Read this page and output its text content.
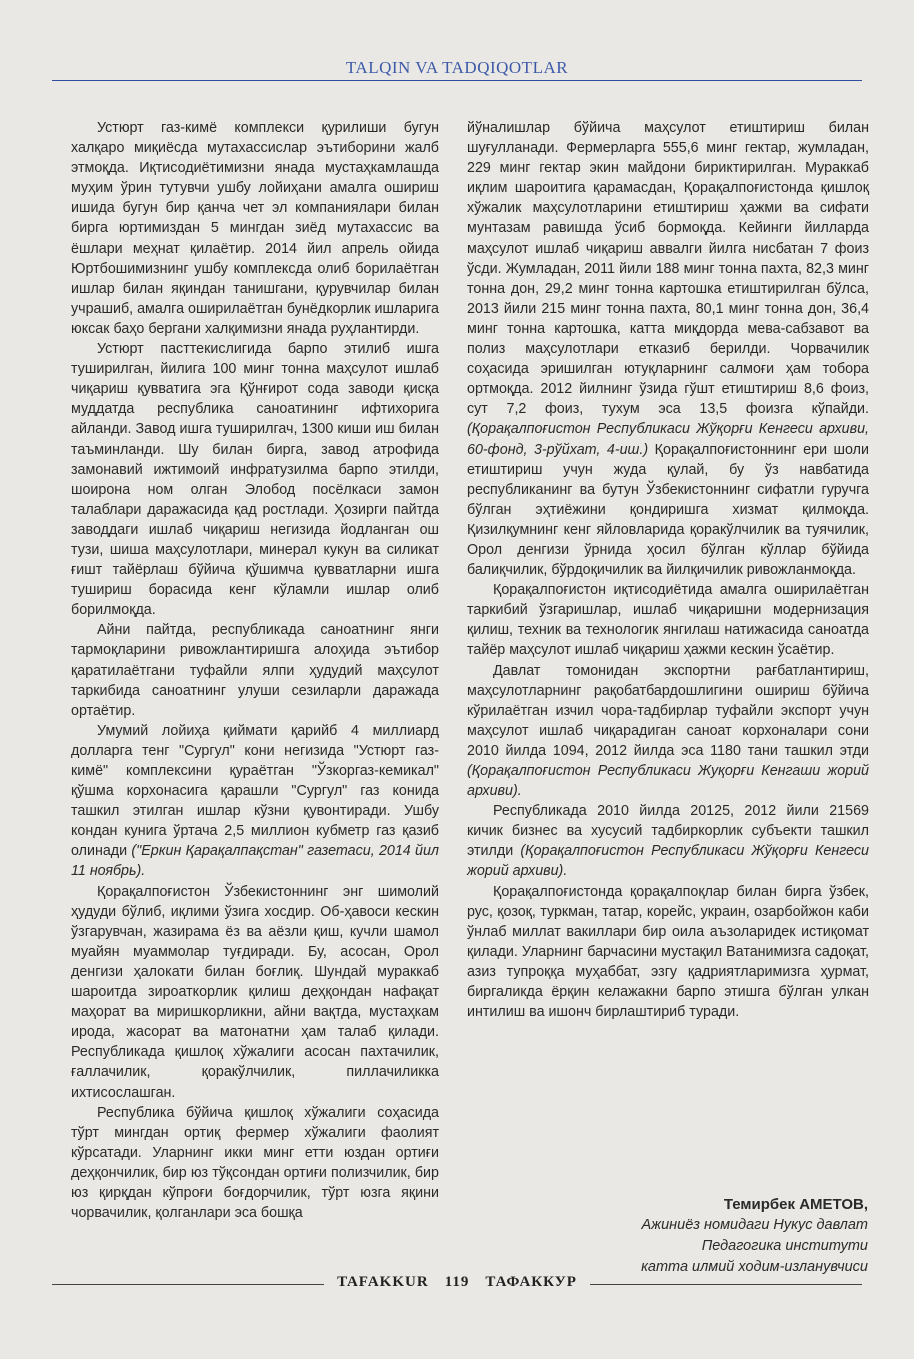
TALQIN VA TADQIQOTLAR

Устюрт газ-кимё комплекси қурилиши бугун халқаро миқиёсда мутахассислар эътиборини жалб этмоқда. Иқтисодиётимизни янада мустаҳкамлашда муҳим ўрин тутувчи ушбу лойиҳани амалга ошириш ишида бугун бир қанча чет эл компаниялари билан бирга юртимиздан 5 мингдан зиёд мутахассис ва ёшлари меҳнат қилаётир. 2014 йил апрель ойида Юртбошимизнинг ушбу комплексда олиб борилаётган ишлар билан яқиндан танишгани, қурувчилар билан учрашиб, амалга оширилаётган бунёдкорлик ишларига юксак баҳо бергани халқимизни янада руҳлантирди.

Устюрт пасттекислигида барпо этилиб ишга туширилган, йилига 100 минг тонна маҳсулот ишлаб чиқариш қувватига эга Қўнғирот сода заводи қисқа муддатда республика саноатининг ифтихорига айланди. Завод ишга туширилгач, 1300 киши иш билан таъминланди. Шу билан бирга, завод атрофида замонавий ижтимоий инфратузилма барпо этилди, шоирона ном олган Элобод посёлкаси замон талаблари даражасида қад ростлади. Ҳозирги пайтда заводдаги ишлаб чиқариш негизида йодланган ош тузи, шиша маҳсулотлари, минерал кукун ва силикат ғишт тайёрлаш бўйича қўшимча қувватларни ишга тушириш борасида кенг кўламли ишлар олиб борилмоқда.

Айни пайтда, республикада саноатнинг янги тармоқларини ривожлантиришга алоҳида эътибор қаратилаётгани туфайли ялпи ҳудудий маҳсулот таркибида саноатнинг улуши сезиларли даражада ортаётир.

Умумий лойиҳа қиймати қарийб 4 миллиард долларга тенг "Сургул" кони негизида "Устюрт газ-кимё" комплексини қураётган "Ўзкоргаз-кемикал" қўшма корхонасига қарашли "Сургул" газ конида ташкил этилган ишлар кўзни қувонтиради. Ушбу кондан кунига ўртача 2,5 миллион кубметр газ қазиб олинади ("Еркин Қарақалпақстан" газетаси, 2014 йил 11 ноябрь).

Қорақалпоғистон Ўзбекистоннинг энг шимолий ҳудуди бўлиб, иқлими ўзига хосдир. Об-ҳавоси кескин ўзгарувчан, жазирама ёз ва аёзли қиш, кучли шамол муайян муаммолар туғдиради. Бу, асосан, Орол денгизи ҳалокати билан боғлиқ. Шундай мураккаб шароитда зироаткорлик қилиш деҳқондан нафақат маҳорат ва миришкорликни, айни вақтда, мустаҳкам ирода, жасорат ва матонатни ҳам талаб қилади. Республикада қишлоқ хўжалиги асосан пахтачилик, ғаллачилик, қоракўлчилик, пиллачиликка ихтисослашган.

Республика бўйича қишлоқ хўжалиги соҳасида тўрт мингдан ортиқ фермер хўжалиги фаолият кўрсатади. Уларнинг икки минг етти юздан ортиғи деҳқончилик, бир юз тўқсондан ортиғи полизчилик, бир юз қирқдан кўпроғи боғдорчилик, тўрт юзга яқини чорвачилик, қолганлари эса бошқа

йўналишлар бўйича маҳсулот етиштириш билан шуғулланади. Фермерларга 555,6 минг гектар, жумладан, 229 минг гектар экин майдони бириктирилган. Мураккаб иқлим шароитига қарамасдан, Қорақалпоғистонда қишлоқ хўжалик маҳсулотларини етиштириш ҳажми ва сифати мунтазам равишда ўсиб бормоқда. Кейинги йилларда маҳсулот ишлаб чиқариш аввалги йилга нисбатан 7 фоиз ўсди. Жумладан, 2011 йили 188 минг тонна пахта, 82,3 минг тонна дон, 29,2 минг тонна картошка етиштирилган бўлса, 2013 йили 215 минг тонна пахта, 80,1 минг тонна дон, 36,4 минг тонна картошка, катта миқдорда мева-сабзавот ва полиз маҳсулотлари етказиб берилди. Чорвачилик соҳасида эришилган ютуқларнинг салмоғи ҳам тобора ортмоқда. 2012 йилнинг ўзида гўшт етиштириш 8,6 фоиз, сут 7,2 фоиз, тухум эса 13,5 фоизга кўпайди. (Қорақалпоғистон Республикаси Жўқорғи Кенгеси архиви, 60-фонд, 3-рўйхат, 4-иш.) Қорақалпоғистоннинг ери шоли етиштириш учун жуда қулай, бу ўз навбатида республиканинг ва бутун Ўзбекистоннинг сифатли гуручга бўлган эҳтиёжини қондиришга хизмат қилмоқда. Қизилқумнинг кенг яйловларида қоракўлчилик ва туячилик, Орол денгизи ўрнида ҳосил бўлган кўллар бўйида балиқчилик, бўрдоқичилик ва йилқичилик ривожланмоқда.

Қорақалпоғистон иқтисодиётида амалга оширилаётган таркибий ўзгаришлар, ишлаб чиқаришни модернизация қилиш, техник ва технологик янгилаш натижасида саноатда тайёр маҳсулот ишлаб чиқариш ҳажми кескин ўсаётир.

Давлат томонидан экспортни рағбатлантириш, маҳсулотларнинг рақобатбардошлигини ошириш бўйича кўрилаётган изчил чора-тадбирлар туфайли экспорт учун маҳсулот ишлаб чиқарадиган саноат корхоналари сони 2010 йилда 1094, 2012 йилда эса 1180 тани ташкил этди (Қорақалпоғистон Республикаси Жуқорғи Кенгаши жорий архиви).

Республикада 2010 йилда 20125, 2012 йили 21569 кичик бизнес ва хусусий тадбиркорлик субъекти ташкил этилди (Қорақалпоғистон Республикаси Жўқорғи Кенгеси жорий архиви).

Қорақалпоғистонда қорақалпоқлар билан бирга ўзбек, рус, қозоқ, туркман, татар, корейс, украин, озарбойжон каби ўнлаб миллат вакиллари бир оила аъзоларидек истиқомат қилади. Уларнинг барчасини мустақил Ватанимизга садоқат, азиз тупроққа муҳаббат, эзгу қадриятларимизга ҳурмат, биргаликда ёрқин келажакни барпо этишга бўлган улкан интилиш ва ишонч бирлаштириб туради.

Темирбек АМЕТОВ,
Ажиниёз номидаги Нукус давлат
Педагогика институти
катта илмий ходим-изланувчиси
TAFAKKUR 119 ТАФАККУР
